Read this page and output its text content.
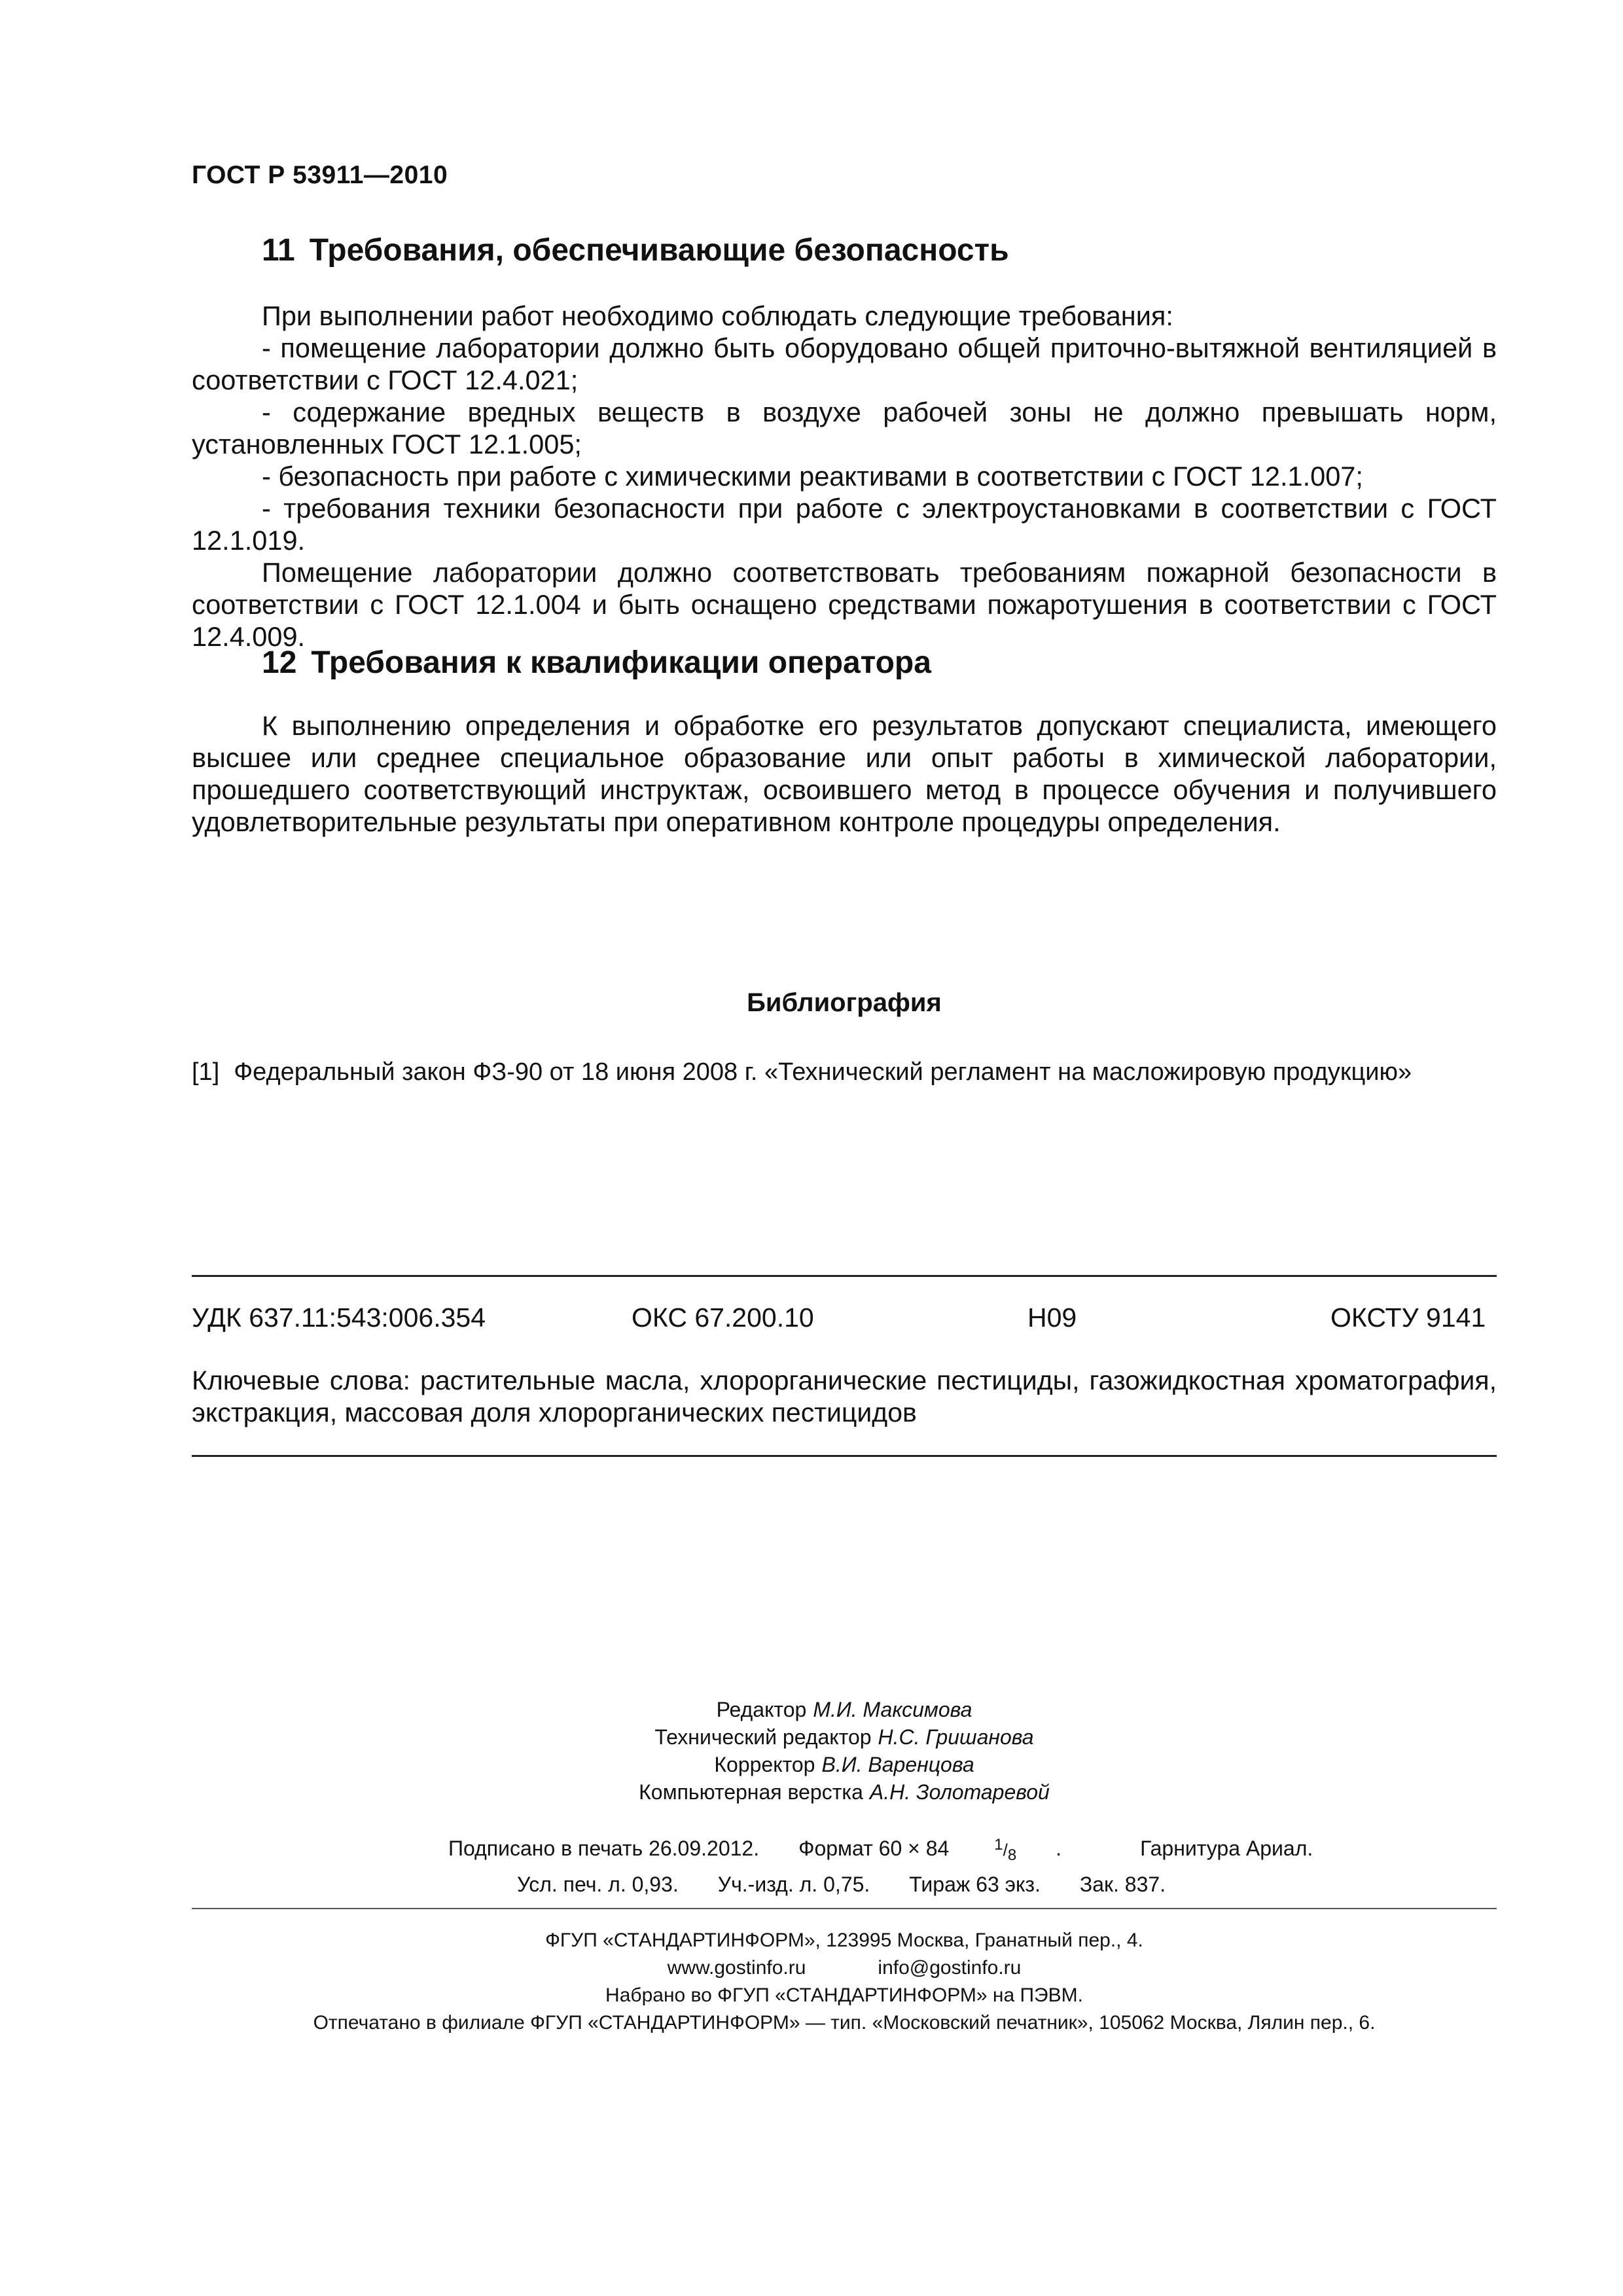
ГОСТ Р 53911—2010
11 Требования, обеспечивающие безопасность

При выполнении работ необходимо соблюдать следующие требования:

- помещение лаборатории должно быть оборудовано общей приточно-вытяжной вентиляцией в соответствии с ГОСТ 12.4.021;

- содержание вредных веществ в воздухе рабочей зоны не должно превышать норм, установленных ГОСТ 12.1.005;

- безопасность при работе с химическими реактивами в соответствии с ГОСТ 12.1.007;

- требования техники безопасности при работе с электроустановками в соответствии с ГОСТ 12.1.019.

Помещение лаборатории должно соответствовать требованиям пожарной безопасности в соответствии с ГОСТ 12.1.004 и быть оснащено средствами пожаротушения в соответствии с ГОСТ 12.4.009.

12 Требования к квалификации оператора

К выполнению определения и обработке его результатов допускают специалиста, имеющего высшее или среднее специальное образование или опыт работы в химической лаборатории, прошедшего соответствующий инструктаж, освоившего метод в процессе обучения и получившего удовлетворительные результаты при оперативном контроле процедуры определения.

Библиография
[1] Федеральный закон ФЗ-90 от 18 июня 2008 г. «Технический регламент на масложировую продукцию»
УДК 637.11:543:006.354	ОКС 67.200.10	Н09	ОКСТУ 9141
Ключевые слова: растительные масла, хлорорганические пестициды, газожидкостная хроматография, экстракция, массовая доля хлорорганических пестицидов
Редактор М.И. Максимова
Технический редактор Н.С. Гришанова
Корректор В.И. Варенцова
Компьютерная верстка А.Н. Золотаревой
Подписано в печать 26.09.2012. Формат 60 × 84	$^1/_8$ .	Гарнитура Ариал.
Усл. печ. л. 0,93. Уч.-изд. л. 0,75. Тираж 63 экз. Зак. 837.
ФГУП «СТАНДАРТИНФОРМ», 123995 Москва, Гранатный пер., 4.
www.gostinfo.ru	info@gostinfo.ru
Набрано во ФГУП «СТАНДАРТИНФОРМ» на ПЭВМ.
Отпечатано в филиале ФГУП «СТАНДАРТИНФОРМ» — тип. «Московский печатник», 105062 Москва, Лялин пер., 6.
